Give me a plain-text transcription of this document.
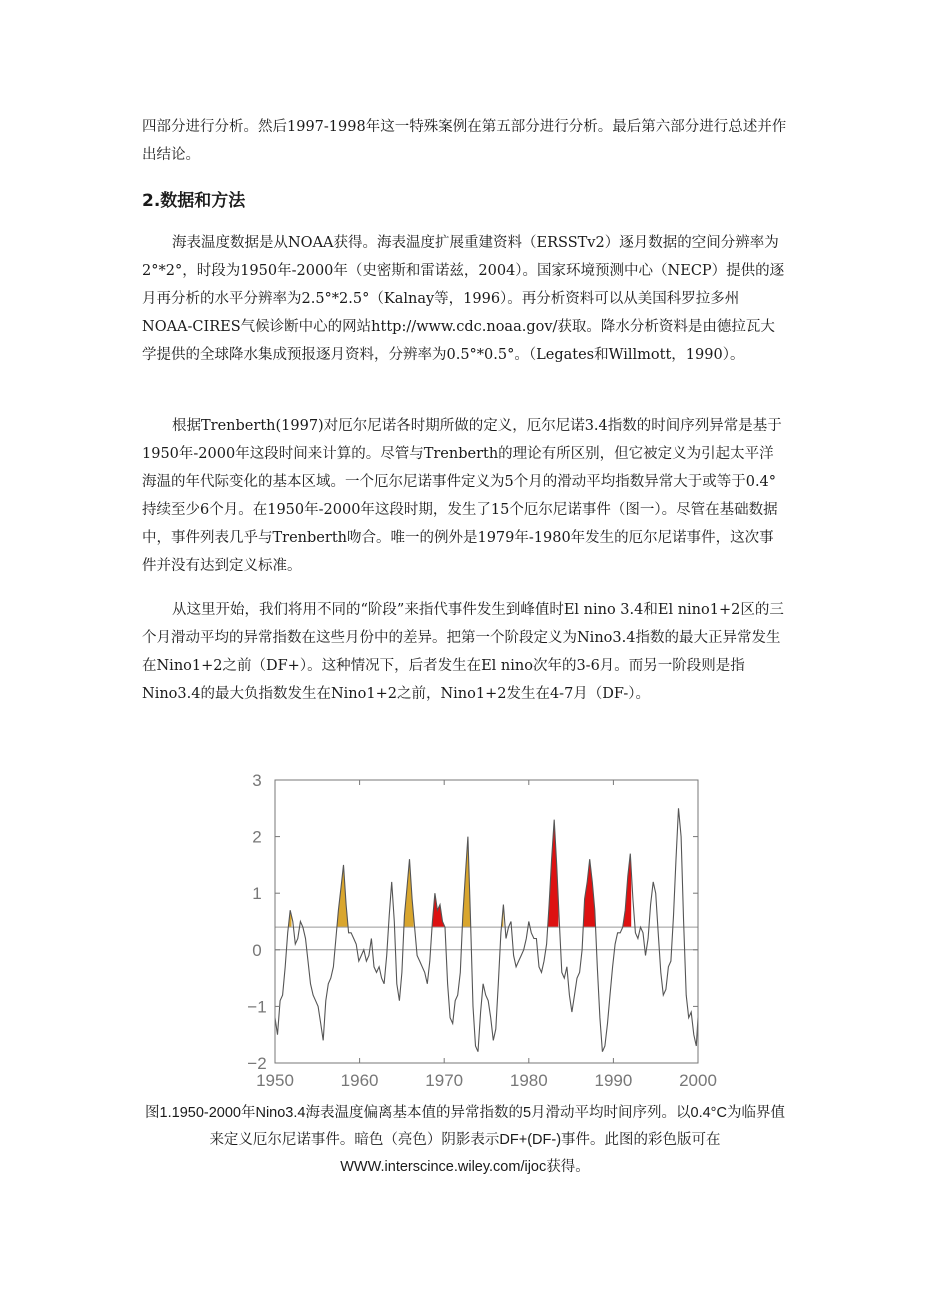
四部分进行分析。然后1997-1998年这一特殊案例在第五部分进行分析。最后第六部分进行总述并作出结论。

2.数据和方法

海表温度数据是从NOAA获得。海表温度扩展重建资料（ERSSTv2）逐月数据的空间分辨率为2°*2°，时段为1950年-2000年（史密斯和雷诺兹，2004）。国家环境预测中心（NECP）提供的逐月再分析的水平分辨率为2.5°*2.5°（Kalnay等，1996）。再分析资料可以从美国科罗拉多州NOAA-CIRES气候诊断中心的网站http://www.cdc.noaa.gov/获取。降水分析资料是由德拉瓦大学提供的全球降水集成预报逐月资料，分辨率为0.5°*0.5°。（Legates和Willmott，1990）。

根据Trenberth(1997)对厄尔尼诺各时期所做的定义，厄尔尼诺3.4指数的时间序列异常是基于1950年-2000年这段时间来计算的。尽管与Trenberth的理论有所区别，但它被定义为引起太平洋海温的年代际变化的基本区域。一个厄尔尼诺事件定义为5个月的滑动平均指数异常大于或等于0.4°持续至少6个月。在1950年-2000年这段时期，发生了15个厄尔尼诺事件（图一）。尽管在基础数据中，事件列表几乎与Trenberth吻合。唯一的例外是1979年-1980年发生的厄尔尼诺事件，这次事件并没有达到定义标准。

从这里开始，我们将用不同的“阶段”来指代事件发生到峰值时El nino 3.4和El nino1+2区的三个月滑动平均的异常指数在这些月份中的差异。把第一个阶段定义为Nino3.4指数的最大正异常发生在Nino1+2之前（DF+）。这种情况下，后者发生在El nino次年的3-6月。而另一阶段则是指Nino3.4的最大负指数发生在Nino1+2之前，Nino1+2发生在4-7月（DF-）。

1950	1960	1970	1980	1990	2000
3
2
1
0
−1
−2

图1.1950-2000年Nino3.4海表温度偏离基本值的异常指数的5月滑动平均时间序列。以0.4°C为临界值来定义厄尔尼诺事件。暗色（亮色）阴影表示DF+(DF-)事件。此图的彩色版可在WWW.interscince.wiley.com/ijoc获得。
